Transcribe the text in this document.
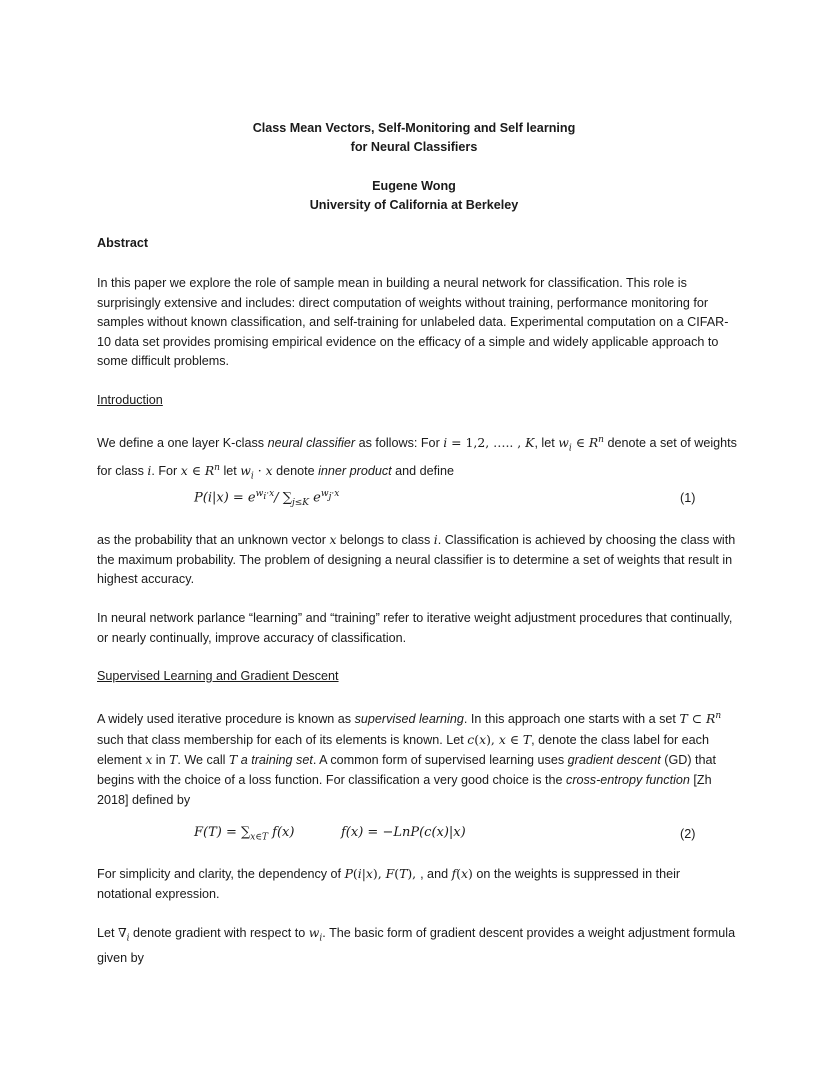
Class Mean Vectors, Self-Monitoring and Self learning
for Neural Classifiers
Eugene Wong
University of California at Berkeley
Abstract
In this paper we explore the role of sample mean in building a neural network for classification. This role is surprisingly extensive and includes: direct computation of weights without training, performance monitoring for samples without known classification, and self-training for unlabeled data. Experimental computation on a CIFAR-10 data set provides promising empirical evidence on the efficacy of a simple and widely applicable approach to some difficult problems.
Introduction
We define a one layer K-class neural classifier as follows: For i = 1,2, ….. , K, let $w_i$ ∈ $R^n$ denote a set of weights for class i. For x ∈ $R^n$ let $w_i \cdot x$ denote inner product and define
$P(i|x) = e^{w_i\cdot x}/$ $\sum_{j\le K}$ $e^{w_j\cdot x}$	(1)
as the probability that an unknown vector x belongs to class i. Classification is achieved by choosing the class with the maximum probability. The problem of designing a neural classifier is to determine a set of weights that result in highest accuracy.
In neural network parlance “learning” and “training” refer to iterative weight adjustment procedures that continually, or nearly continually, improve accuracy of classification.
Supervised Learning and Gradient Descent
A widely used iterative procedure is known as supervised learning. In this approach one starts with a set T ⊂ $R^n$ such that class membership for each of its elements is known. Let c(x), x ∈ T, denote the class label for each element x in T. We call T a training set. A common form of supervised learning uses gradient descent (GD) that begins with the choice of a loss function. For classification a very good choice is the cross-entropy function [Zh 2018] defined by
$F(T) = \sum_{x\in T}$ f(x)	f(x) = −LnP(c(x)|x)	(2)
For simplicity and clarity, the dependency of P(i|x), F(T), , and f(x) on the weights is suppressed in their notational expression.
Let $\nabla_i$ denote gradient with respect to $w_i$. The basic form of gradient descent provides a weight adjustment formula given by
